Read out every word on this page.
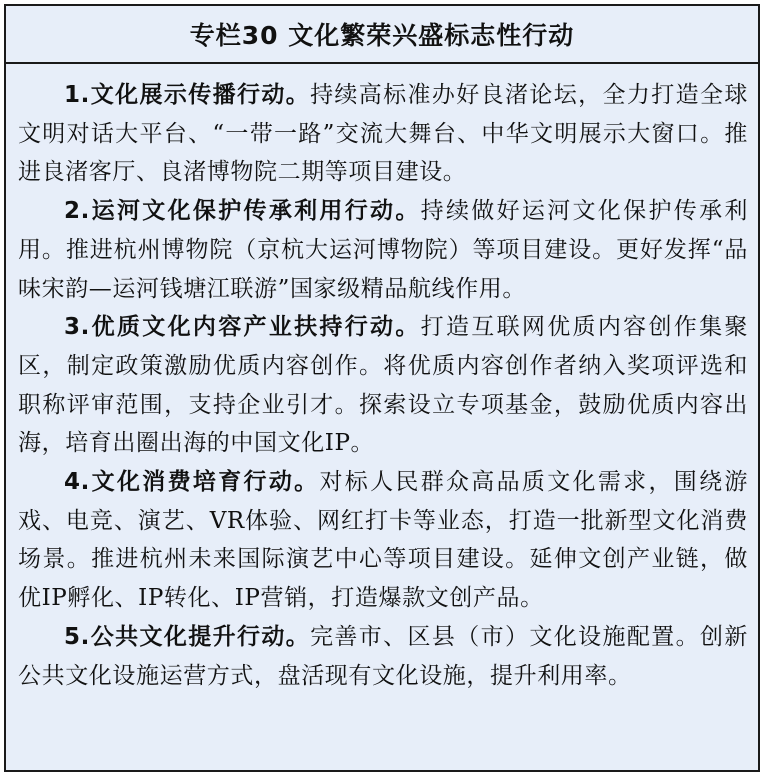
专栏30 文化繁荣兴盛标志性行动

1.文化展示传播行动。持续高标准办好良渚论坛，全力打造全球文明对话大平台、“一带一路”交流大舞台、中华文明展示大窗口。推进良渚客厅、良渚博物院二期等项目建设。

2.运河文化保护传承利用行动。持续做好运河文化保护传承利用。推进杭州博物院（京杭大运河博物院）等项目建设。更好发挥“品味宋韵—运河钱塘江联游”国家级精品航线作用。

3.优质文化内容产业扶持行动。打造互联网优质内容创作集聚区，制定政策激励优质内容创作。将优质内容创作者纳入奖项评选和职称评审范围，支持企业引才。探索设立专项基金，鼓励优质内容出海，培育出圈出海的中国文化IP。

4.文化消费培育行动。对标人民群众高品质文化需求，围绕游戏、电竞、演艺、VR体验、网红打卡等业态，打造一批新型文化消费场景。推进杭州未来国际演艺中心等项目建设。延伸文创产业链，做优IP孵化、IP转化、IP营销，打造爆款文创产品。

5.公共文化提升行动。完善市、区县（市）文化设施配置。创新公共文化设施运营方式，盘活现有文化设施，提升利用率。
